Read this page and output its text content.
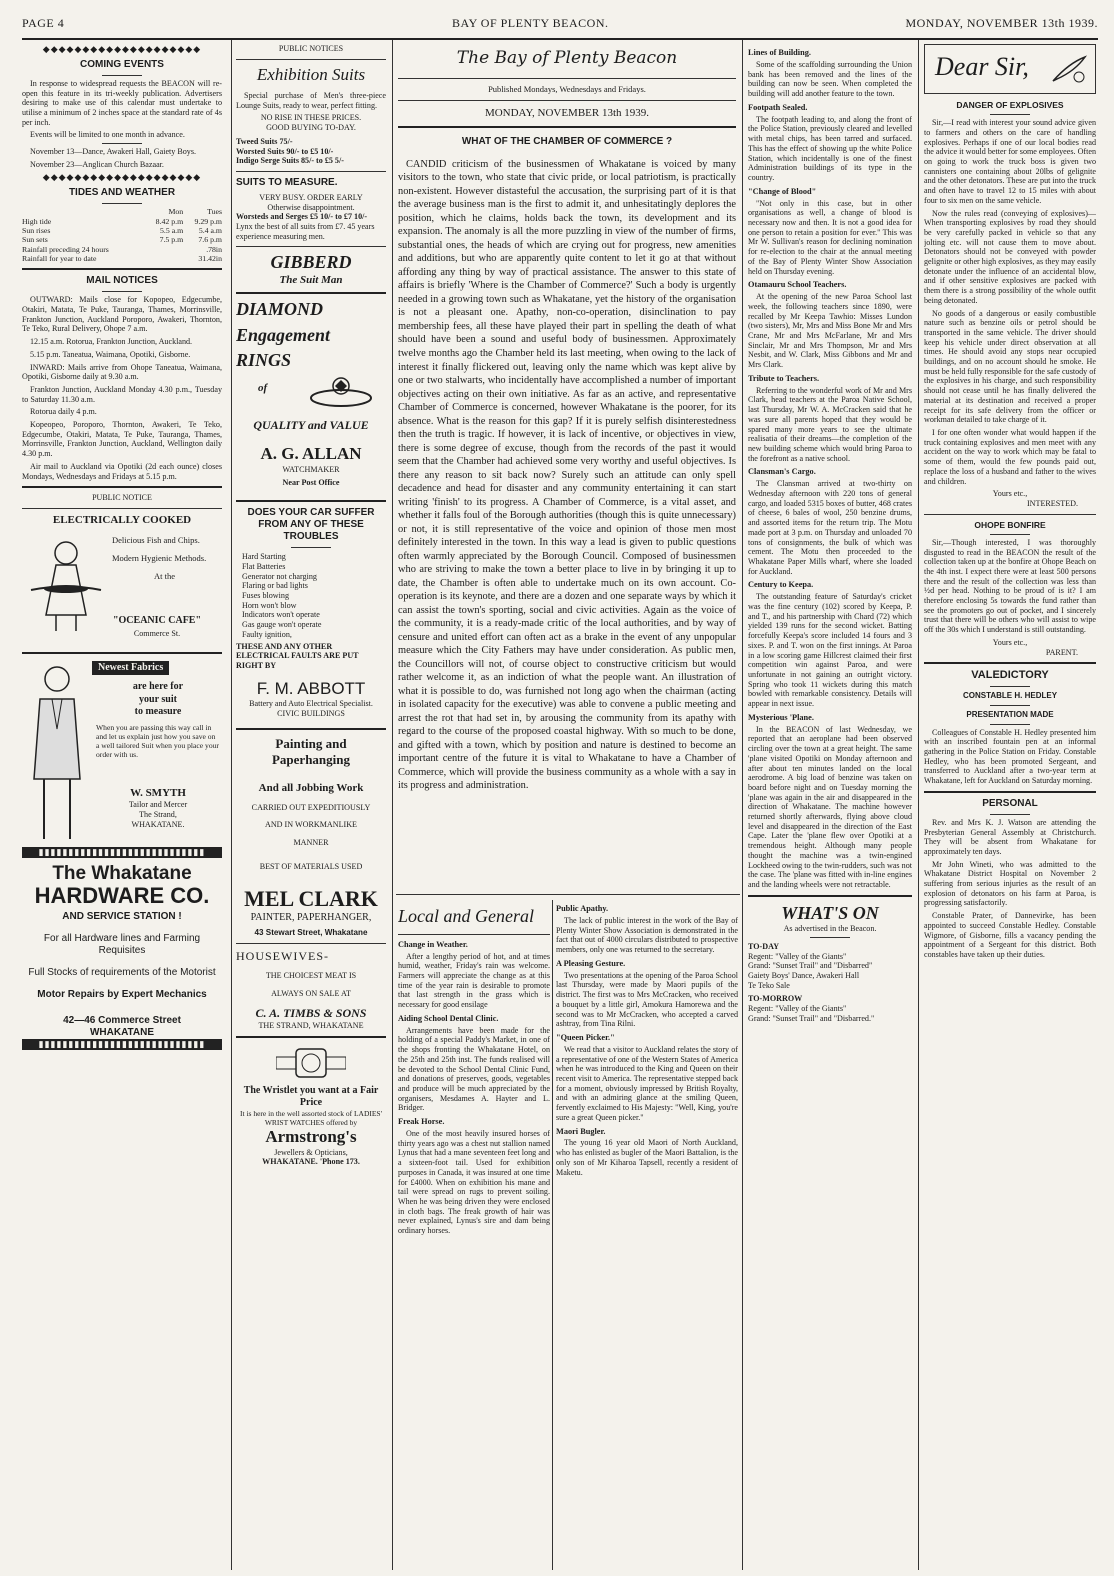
PAGE 4	BAY OF PLENTY BEACON.	MONDAY, NOVEMBER 13th 1939.
◆◆◆◆◆◆◆◆◆◆◆◆◆◆◆◆◆◆◆◆
COMING EVENTS

In response to widespread requests the BEACON will re-open this feature in its tri-weekly publication. Advertisers desiring to make use of this calendar must undertake to utilise a minimum of 2 inches space at the standard rate of 4s per inch.

Events will be limited to one month in advance.

November 13—Dance, Awakeri Hall, Gaiety Boys.

November 23—Anglican Church Bazaar.

◆◆◆◆◆◆◆◆◆◆◆◆◆◆◆◆◆◆◆◆
TIDES AND WEATHER
	Mon	Tues
High tide	8.42 p.m	9.29 p.m
Sun rises	5.5 a.m	5.4 a.m
Sun sets	7.5 p.m	7.6 p.m
Rainfall preceding 24 hours		.78in
Rainfall for year to date		31.42in
MAIL NOTICES

OUTWARD: Mails close for Kopopeo, Edgecumbe, Otakiri, Matata, Te Puke, Tauranga, Thames, Morrinsville, Frankton Junction, Auckland Poroporo, Awakeri, Thornton, Te Teko, Rural Delivery, Ohope 7 a.m.

12.15 a.m. Rotorua, Frankton Junction, Auckland.

5.15 p.m. Taneatua, Waimana, Opotiki, Gisborne.

INWARD: Mails arrive from Ohope Taneatua, Waimana, Opotiki, Gisborne daily at 9.30 a.m.

Frankton Junction, Auckland Monday 4.30 p.m., Tuesday to Saturday 11.30 a.m.

Rotorua daily 4 p.m.

Kopeopeo, Poroporo, Thornton, Awakeri, Te Teko, Edgecumbe, Otakiri, Matata, Te Puke, Tauranga, Thames, Morrinsville, Frankton Junction, Auckland, Wellington daily 4.30 p.m.

Air mail to Auckland via Opotiki (2d each ounce) closes Mondays, Wednesdays and Fridays at 5.15 p.m.

PUBLIC NOTICE
ELECTRICALLY COOKED
Delicious Fish and Chips.
Modern Hygienic Methods.
At the
"OCEANIC CAFE"
Commerce St.
Newest Fabrics
are here for
your suit
to measure
When you are passing this way call in and let us explain just how you save on a well tailored Suit when you place your order with us.
W. SMYTH
Tailor and Mercer
The Strand,
WHAKATANE.
▮▮▮▮▮▮▮▮▮▮▮▮▮▮▮▮▮▮▮▮▮▮▮▮▮▮▮▮
The Whakatane
HARDWARE CO.
AND SERVICE STATION !
For all Hardware lines and Farming Requisites
Full Stocks of requirements of the Motorist
Motor Repairs by Expert Mechanics
42—46 Commerce Street
WHAKATANE
▮▮▮▮▮▮▮▮▮▮▮▮▮▮▮▮▮▮▮▮▮▮▮▮▮▮▮▮
PUBLIC NOTICES
Exhibition Suits

Special purchase of Men's three-piece Lounge Suits, ready to wear, perfect fitting.

NO RISE IN THESE PRICES.
GOOD BUYING TO-DAY.
Tweed Suits 75/-
Worsted Suits 90/- to £5 10/-
Indigo Serge Suits 85/- to £5 5/-
SUITS TO MEASURE.
VERY BUSY. ORDER EARLY
Otherwise disappointment.
Worsteds and Serges £5 10/- to £7 10/-
Lynx the best of all suits from £7. 45 years experience measuring men.
GIBBERD
The Suit Man
DIAMOND
Engagement
RINGS
of
QUALITY and VALUE
A. G. ALLAN
WATCHMAKER
Near Post Office
DOES YOUR CAR SUFFER FROM ANY OF THESE TROUBLES
Hard Starting
Flat Batteries
Generator not charging
Flaring or bad lights
Fuses blowing
Horn won't blow
Indicators won't operate
Gas gauge won't operate
Faulty ignition,
THESE AND ANY OTHER ELECTRICAL FAULTS ARE PUT RIGHT BY
F. M. ABBOTT
Battery and Auto Electrical Specialist.
CIVIC BUILDINGS
Painting and Paperhanging
And all Jobbing Work
CARRIED OUT EXPEDITIOUSLY
AND IN WORKMANLIKE
MANNER
BEST OF MATERIALS USED
MEL CLARK
PAINTER, PAPERHANGER,
43 Stewart Street, Whakatane
HOUSEWIVES-
THE CHOICEST MEAT IS
ALWAYS ON SALE AT
C. A. TIMBS & SONS
THE STRAND, WHAKATANE
The Wristlet you want at a Fair Price
It is here in the well assorted stock of LADIES' WRIST WATCHES offered by
Armstrong's
Jewellers & Opticians,
WHAKATANE. 'Phone 173.
The Bay of Plenty Beacon
Published Mondays, Wednesdays and Fridays.
MONDAY, NOVEMBER 13th 1939.
WHAT OF THE CHAMBER OF COMMERCE ?

CANDID criticism of the businessmen of Whakatane is voiced by many visitors to the town, who state that civic pride, or local patriotism, is practically non-existent. However distasteful the accusation, the surprising part of it is that the average business man is the first to admit it, and unhesitatingly deplores the position, which he claims, holds back the town, its development and its expansion. The anomaly is all the more puzzling in view of the number of firms, substantial ones, the heads of which are crying out for progress, new amenities and additions, but who are apparently quite content to let it go at that without affording any thing by way of practical assistance. The answer to this state of affairs is briefly 'Where is the Chamber of Commerce?' Such a body is urgently needed in a growing town such as Whakatane, yet the history of the organisation is not a pleasant one. Apathy, non-co-operation, disinclination to pay membership fees, all these have played their part in spelling the death of what should have been a sound and useful body of businessmen. Approximately twelve months ago the Chamber held its last meeting, when owing to the lack of interest it finally flickered out, leaving only the name which was kept alive by one or two stalwarts, who incidentally have accomplished a number of important objectives acting on their own initiative. As far as an active, and representative Chamber of Commerce is concerned, however Whakatane is the poorer, for its absence. What is the reason for this gap? If it is purely selfish disinterestedness then the truth is tragic. If however, it is lack of incentive, or objectives in view, there is some degree of excuse, though from the records of the past it would seem that the Chamber had achieved some very worthy and useful objectives. Is there any reason to sit back now? Surely such an attitude can only spell decadence and head for disaster and any community entertaining it can start writing 'finish' to its progress. A Chamber of Commerce, is a vital asset, and whether it falls foul of the Borough authorities (though this is quite unnecessary) or not, it is still representative of the voice and opinion of those men most definitely interested in the town. In this way a lead is given to public questions often warmly appreciated by the Borough Council. Composed of businessmen who are striving to make the town a better place to live in by bringing it up to date, the Chamber is often able to undertake much on its own account. Co-operation is its keynote, and there are a dozen and one separate ways by which it can assist the town's sporting, social and civic activities. Again as the voice of the community, it is a ready-made critic of the local authorities, and by way of censure and united effort can often act as a brake in the event of any unpopular measure which the City Fathers may have under consideration. As public men, the Councillors will not, of course object to constructive criticism but would rather welcome it, as an indiction of what the people want. An illustration of what it is possible to do, was furnished not long ago when the chairman (acting in isolated capacity for the executive) was able to convene a public meeting and arrest the rot that had set in, by arousing the community from its apathy with regard to the course of the proposed coastal highway. With so much to be done, and gifted with a town, which by position and nature is destined to become an important centre of the future it is vital to Whakatane to have a Chamber of Commerce, which will provide the business community as a whole with a say in its progress and administration.

Local and General
Change in Weather.

After a lengthy period of hot, and at times humid, weather, Friday's rain was welcome. Farmers will appreciate the change as at this time of the year rain is desirable to promote that last strength in the grass which is necessary for good ensilage

Aiding School Dental Clinic.

Arrangements have been made for the holding of a special Paddy's Market, in one of the shops fronting the Whakatane Hotel, on the 25th and 25th inst. The funds realised will be devoted to the School Dental Clinic Fund, and donations of preserves, goods, vegetables and produce will be much appreciated by the organisers, Mesdames A. Hayter and L. Bridger.

Freak Horse.

One of the most heavily insured horses of thirty years ago was a chest nut stallion named Lynus that had a mane seventeen feet long and a sixteen-foot tail. Used for exhibition purposes in Canada, it was insured at one time for £4000. When on exhibition his mane and tail were spread on rugs to prevent soiling. When he was being driven they were enclosed in cloth bags. The freak growth of hair was never explained, Lynus's sire and dam being ordinary horses.

Public Apathy.

The lack of public interest in the work of the Bay of Plenty Winter Show Association is demonstrated in the fact that out of 4000 circulars distributed to prospective members, only one was returned to the secretary.

A Pleasing Gesture.

Two presentations at the opening of the Paroa School last Thursday, were made by Maori pupils of the district. The first was to Mrs McCracken, who received a bouquet by a little girl, Amokura Hamorewa and the second was to Mr McCracken, who accepted a carved ashtray, from Tina Rilni.

"Queen Picker."

We read that a visitor to Auckland relates the story of a representative of one of the Western States of America when he was introduced to the King and Queen on their recent visit to America. The representative stepped back for a moment, obviously impressed by British Royalty, and with an admiring glance at the smiling Queen, fervently exclaimed to His Majesty: "Well, King, you're sure a great Queen picker."

Maori Bugler.

The young 16 year old Maori of North Auckland, who has enlisted as bugler of the Maori Battalion, is the only son of Mr Kiharoa Tapsell, recently a resident of Maketu.

Lines of Building.

Some of the scaffolding surrounding the Union bank has been removed and the lines of the building can now be seen. When completed the building will add another feature to the town.

Footpath Sealed.

The footpath leading to, and along the front of the Police Station, previously cleared and levelled with metal chips, has been tarred and surfaced. This has the effect of showing up the white Police Station, which incidentally is one of the finest Administration buildings of its type in the country.

"Change of Blood"

"Not only in this case, but in other organisations as well, a change of blood is necessary now and then. It is not a good idea for one person to retain a position for ever." This was Mr W. Sullivan's reason for declining nomination for re-election to the chair at the annual meeting of the Bay of Plenty Winter Show Association held on Thursday evening.

Otamauru School Teachers.

At the opening of the new Paroa School last week, the following teachers since 1890, were recalled by Mr Keepa Tawhio: Misses Lundon (two sisters), Mr, Mrs and Miss Bone Mr and Mrs Crane, Mr and Mrs McFarlane, Mr and Mrs Sinclair, Mr and Mrs Thompson, Mr and Mrs Nesbit, and W. Clark, Miss Gibbons and Mr and Mrs Clark.

Tribute to Teachers.

Referring to the wonderful work of Mr and Mrs Clark, head teachers at the Paroa Native School, last Thursday, Mr W. A. McCracken said that he was sure all parents hoped that they would be spared many more years to see the ultimate realisatia of their dreams—the completion of the new building scheme which would bring Paroa to the forefront as a native school.

Clansman's Cargo.

The Clansman arrived at two-thirty on Wednesday afternoon with 220 tons of general cargo, and loaded 5315 boxes of butter, 468 crates of cheese, 6 bales of wool, 250 benzine drums, and assorted items for the return trip. The Motu made port at 3 p.m. on Thursday and unloaded 70 tons of consignments, the bulk of which was cement. The Motu then proceeded to the Whakatane Paper Mills wharf, where she loaded for Auckland.

Century to Keepa.

The outstanding feature of Saturday's cricket was the fine century (102) scored by Keepa, P. and T., and his partnership with Chard (72) which yielded 139 runs for the second wicket. Batting forcefully Keepa's score included 14 fours and 3 sixes. P. and T. won on the first innings. At Paroa in a low scoring game Hillcrest claimed their first competition win against Paroa, and were unfortunate in not gaining an outright victory. Spring who took 11 wickets during this match bowled with remarkable consistency. Details will appear in next issue.

Mysterious 'Plane.

In the BEACON of last Wednesday, we reported that an aeroplane had been observed circling over the town at a great height. The same 'plane visited Opotiki on Monday afternoon and after about ten minutes landed on the local aerodrome. A big load of benzine was taken on board before night and on Tuesday morning the 'plane was again in the air and disappeared in the direction of Whakatane. The machine however returned shortly afterwards, flying above cloud level and disappeared in the direction of the East Cape. Later the 'plane flew over Opotiki at a tremendous height. Although many people thought the machine was a twin-engined Lockheed owing to the twin-rudders, such was not the case. The 'plane was fitted with in-line engines and the landing wheels were not retractable.

WHAT'S ON
As advertised in the Beacon.
TO-DAY
Regent: "Valley of the Giants"
Grand: "Sunset Trail" and "Disbarred"
Gaiety Boys' Dance, Awakeri Hall
Te Teko Sale
TO-MORROW
Regent: "Valley of the Giants"
Grand: "Sunset Trail" and "Disbarred."
Dear Sir,
DANGER OF EXPLOSIVES

Sir,—I read with interest your sound advice given to farmers and others on the care of handling explosives. Perhaps if one of our local bodies read the advice it would better for some employees. Often on going to work the truck boss is given two cannisters one containing about 20lbs of gelignite and the other detonators. These are put into the truck and often have to travel 12 to 15 miles with about four to six men on the same vehicle.

Now the rules read (conveying of explosives)—When transporting explosives by road they should be very carefully packed in vehicle so that any jolting etc. will not cause them to move about. Detonators should not be conveyed with powder gelignite or other high explosives, as they may easily detonate under the influence of an accidental blow, and if other sensitive explosives are packed with them there is a strong possibility of the whole outfit being detonated.

No goods of a dangerous or easily combustible nature such as benzine oils or petrol should be transported in the same vehicle. The driver should keep his vehicle under direct observation at all times. He should avoid any stops near occupied buildings, and on no account should he smoke. He must be held fully responsible for the safe custody of the explosives in his charge, and such responsibility should not cease until he has finally delivered the material at its destination and received a proper receipt for its safe delivery from the officer or workman detailed to take charge of it.

I for one often wonder what would happen if the truck containing explosives and men meet with any accident on the way to work which may be fatal to some of them, would the few pounds paid out, replace the loss of a husband and father to the wives and children.

Yours etc.,
INTERESTED.
OHOPE BONFIRE

Sir,—Though interested, I was thoroughly disgusted to read in the BEACON the result of the collection taken up at the bonfire at Ohope Beach on the 4th inst. I expect there were at least 500 persons there and the result of the collection was less than ½d per head. Nothing to be proud of is it? I am therefore enclosing 5s towards the fund rather than see the promoters go out of pocket, and I sincerely trust that there will be others who will assist to wipe off the 30s which I understand is still outstanding.

Yours etc.,
PARENT.
VALEDICTORY
CONSTABLE H. HEDLEY
PRESENTATION MADE

Colleagues of Constable H. Hedley presented him with an inscribed fountain pen at an informal gathering in the Police Station on Friday. Constable Hedley, who has been promoted Sergeant, and transferred to Auckland after a two-year term at Whakatane, left for Auckland on Saturday morning.

PERSONAL

Rev. and Mrs K. J. Watson are attending the Presbyterian General Assembly at Christchurch. They will be absent from Whakatane for approximately ten days.

Mr John Wineti, who was admitted to the Whakatane District Hospital on November 2 suffering from serious injuries as the result of an explosion of detonators on his farm at Paroa, is progressing satisfactorily.

Constable Prater, of Dannevirke, has been appointed to succeed Constable Hedley. Constable Wigmore, of Gisborne, fills a vacancy pending the appointment of a Sergeant for this district. Both constables have taken up their duties.
